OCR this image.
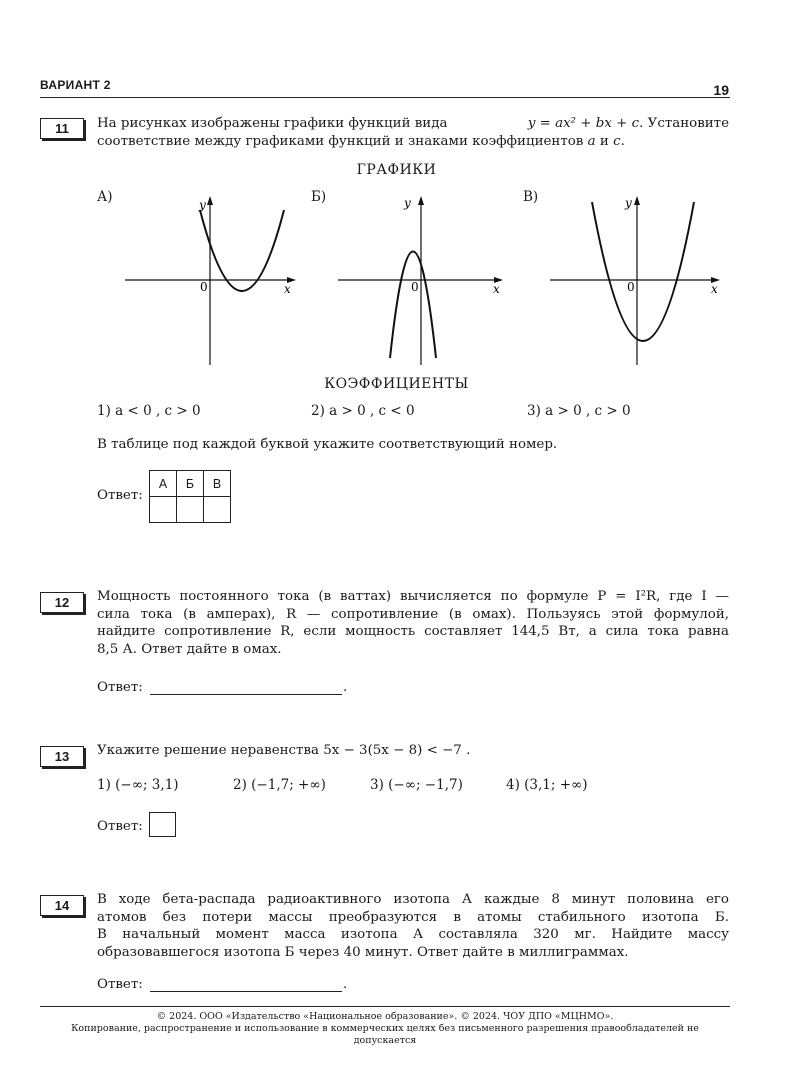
ВАРИАНТ 2	19
11	На рисунках изображены графики функций вида	y = ax² + bx + c. Установите
соответствие между графиками функций и знаками коэффициентов a и c.
ГРАФИКИ
А)	Б)	В)
y
x
0
y
x
0
y
x
0
КОЭФФИЦИЕНТЫ
1) a < 0 , c > 0	2) a > 0 , c < 0	3) a > 0 , c > 0
В таблице под каждой буквой укажите соответствующий номер.
Ответ:
А	Б	В

12	Мощность постоянного тока (в ваттах) вычисляется по формуле P = I²R, где I —
сила тока (в амперах), R — сопротивление (в омах). Пользуясь этой формулой,
найдите сопротивление R, если мощность составляет 144,5 Вт, а сила тока равна
8,5 А. Ответ дайте в омах.
Ответ:	.
13	Укажите решение неравенства 5x − 3(5x − 8) < −7 .
1) (−∞; 3,1)	2) (−1,7; +∞)	3) (−∞; −1,7)	4) (3,1; +∞)
Ответ:
14	В ходе бета-распада радиоактивного изотопа А каждые 8 минут половина его
атомов без потери массы преобразуются в атомы стабильного изотопа Б.
В начальный момент масса изотопа А составляла 320 мг. Найдите массу
образовавшегося изотопа Б через 40 минут. Ответ дайте в миллиграммах.
Ответ:	.
© 2024. ООО «Издательство «Национальное образование». © 2024. ЧОУ ДПО «МЦНМО».
Копирование, распространение и использование в коммерческих целях без письменного разрешения правообладателей не допускается
